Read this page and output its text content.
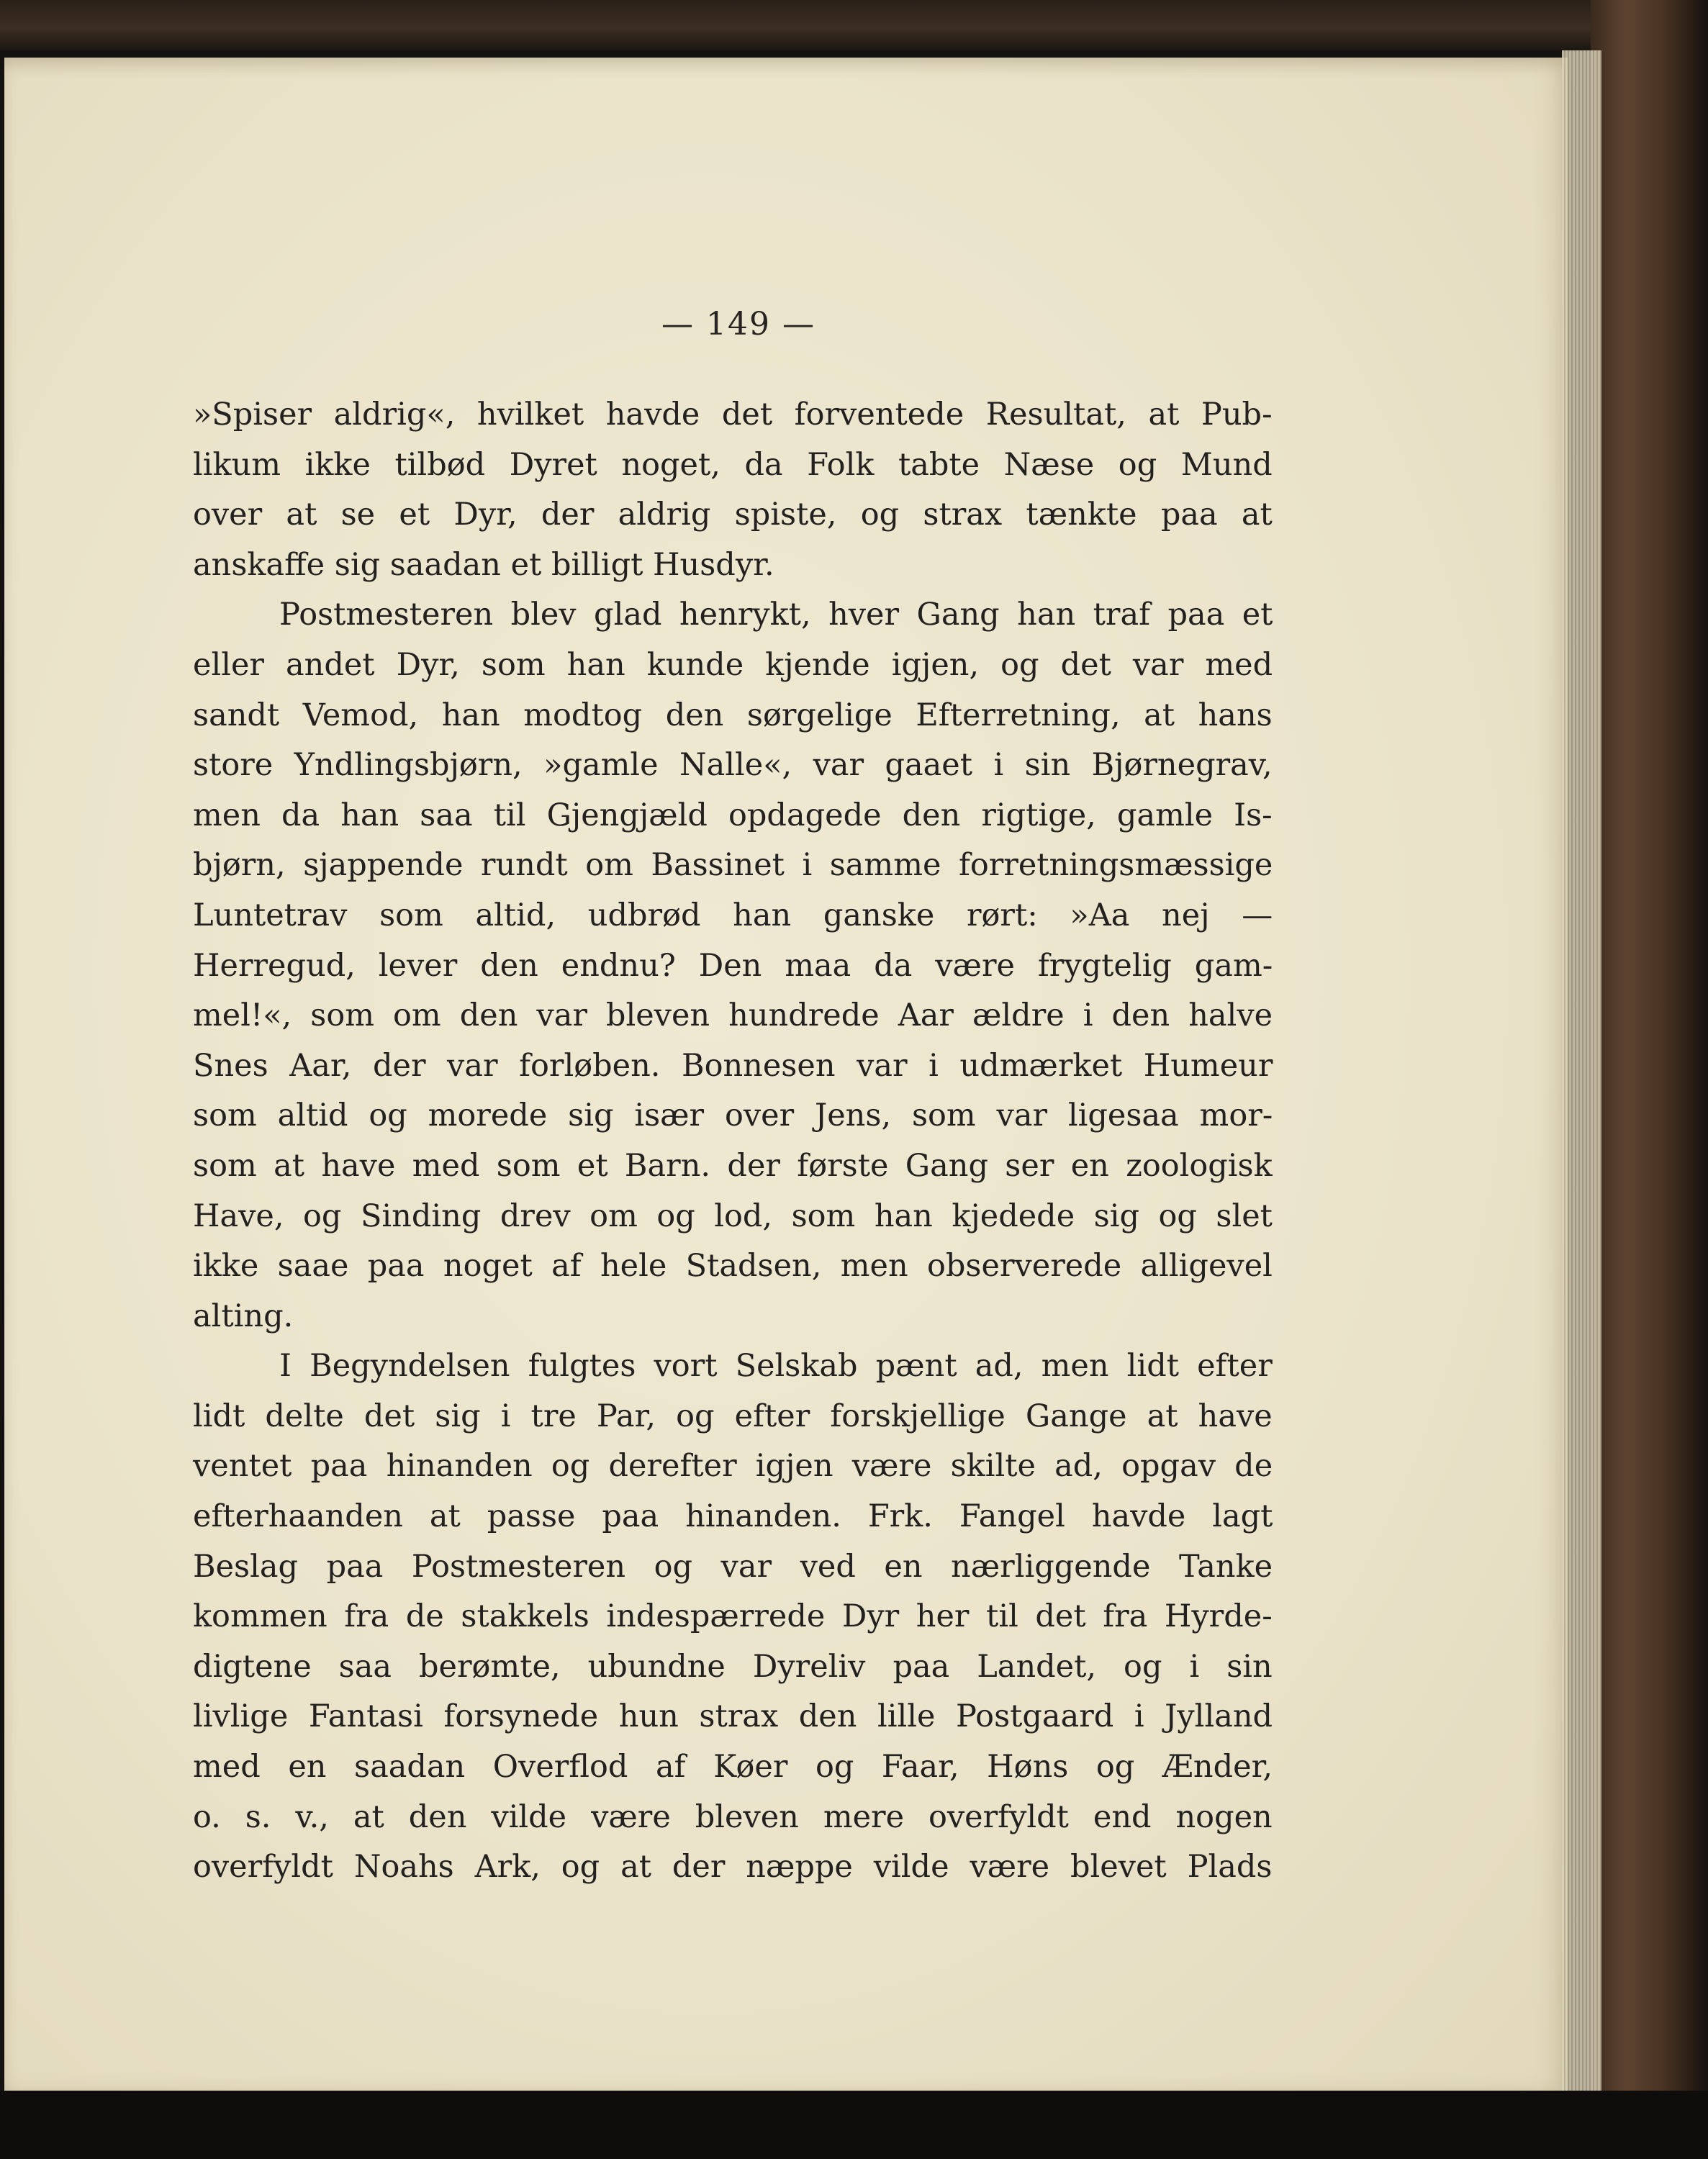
— 149 —
»Spiser aldrig«, hvilket havde det forventede Resultat, at Pub-
likum ikke tilbød Dyret noget, da Folk tabte Næse og Mund
over at se et Dyr, der aldrig spiste, og strax tænkte paa at
anskaffe sig saadan et billigt Husdyr.
Postmesteren blev glad henrykt, hver Gang han traf paa et
eller andet Dyr, som han kunde kjende igjen, og det var med
sandt Vemod, han modtog den sørgelige Efterretning, at hans
store Yndlingsbjørn, »gamle Nalle«, var gaaet i sin Bjørnegrav,
men da han saa til Gjengjæld opdagede den rigtige, gamle Is-
bjørn, sjappende rundt om Bassinet i samme forretningsmæssige
Luntetrav som altid, udbrød han ganske rørt: »Aa nej —
Herregud, lever den endnu? Den maa da være frygtelig gam-
mel!«, som om den var bleven hundrede Aar ældre i den halve
Snes Aar, der var forløben. Bonnesen var i udmærket Humeur
som altid og morede sig især over Jens, som var ligesaa mor-
som at have med som et Barn. der første Gang ser en zoologisk
Have, og Sinding drev om og lod, som han kjedede sig og slet
ikke saae paa noget af hele Stadsen, men observerede alligevel
alting.
I Begyndelsen fulgtes vort Selskab pænt ad, men lidt efter
lidt delte det sig i tre Par, og efter forskjellige Gange at have
ventet paa hinanden og derefter igjen være skilte ad, opgav de
efterhaanden at passe paa hinanden. Frk. Fangel havde lagt
Beslag paa Postmesteren og var ved en nærliggende Tanke
kommen fra de stakkels indespærrede Dyr her til det fra Hyrde-
digtene saa berømte, ubundne Dyreliv paa Landet, og i sin
livlige Fantasi forsynede hun strax den lille Postgaard i Jylland
med en saadan Overflod af Køer og Faar, Høns og Ænder,
o. s. v., at den vilde være bleven mere overfyldt end nogen
overfyldt Noahs Ark, og at der næppe vilde være blevet Plads
